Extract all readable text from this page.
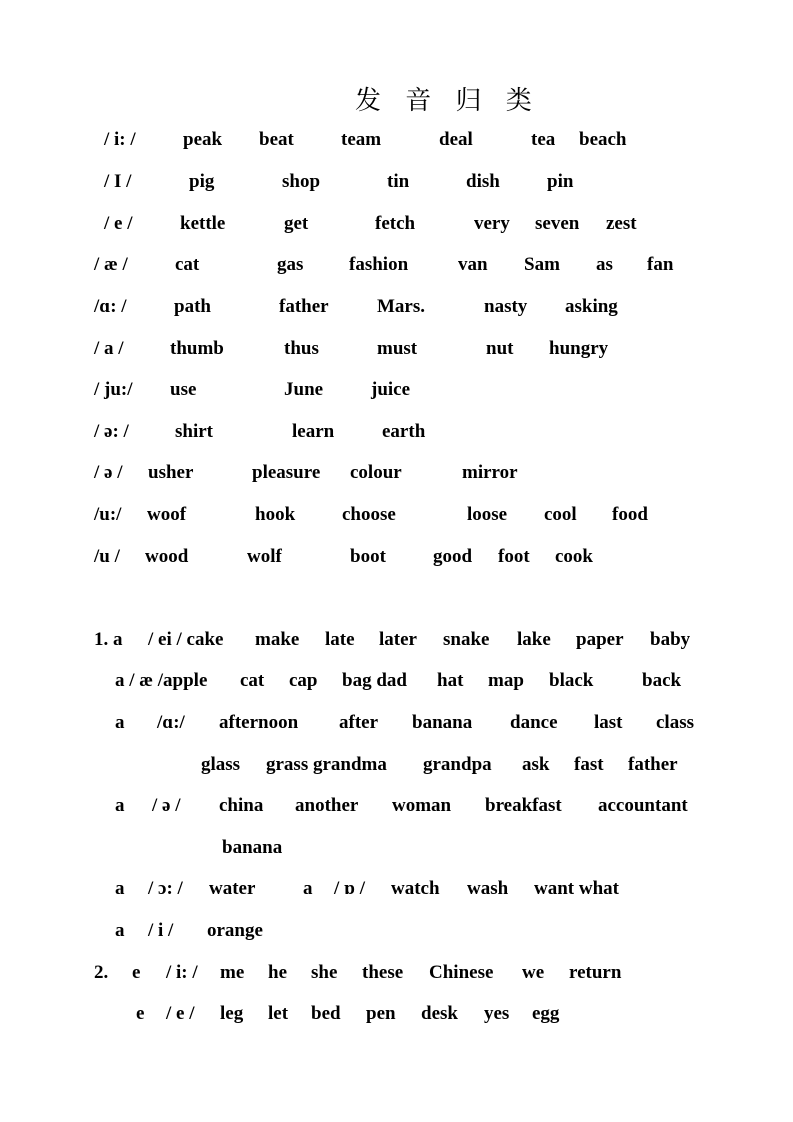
发 音 归 类
/ i: / peak beat team	deal	tea beach
/ I /	pig	shop	tin	dish pin
/ e /	kettle	get	fetch	very seven zest
/ æ / cat	gas fashion	van Sam as fan
/ɑ: / path	father	Mars.	nasty asking
/ a / thumb	thus	must	nut hungry
/ ju:/ use	June	juice
/ ə: / shirt	learn	earth
/ ə / usher	pleasure colour	mirror
/u:/ woof	hook choose	loose cool food
/u / wood	wolf	boot good foot cook
1. a / ei / cake make late later snake lake paper baby
a / æ /apple cat cap bag dad hat map black	back
a /ɑ:/ afternoon after banana dance last class
glass grass grandma grandpa ask fast father
a / ə / china another woman breakfast accountant
banana
a / ɔ: / water	a / ɒ / watch wash want what
a / i / orange
2. e / i: / me he she these Chinese we return
e / e / leg let bed pen desk yes egg
